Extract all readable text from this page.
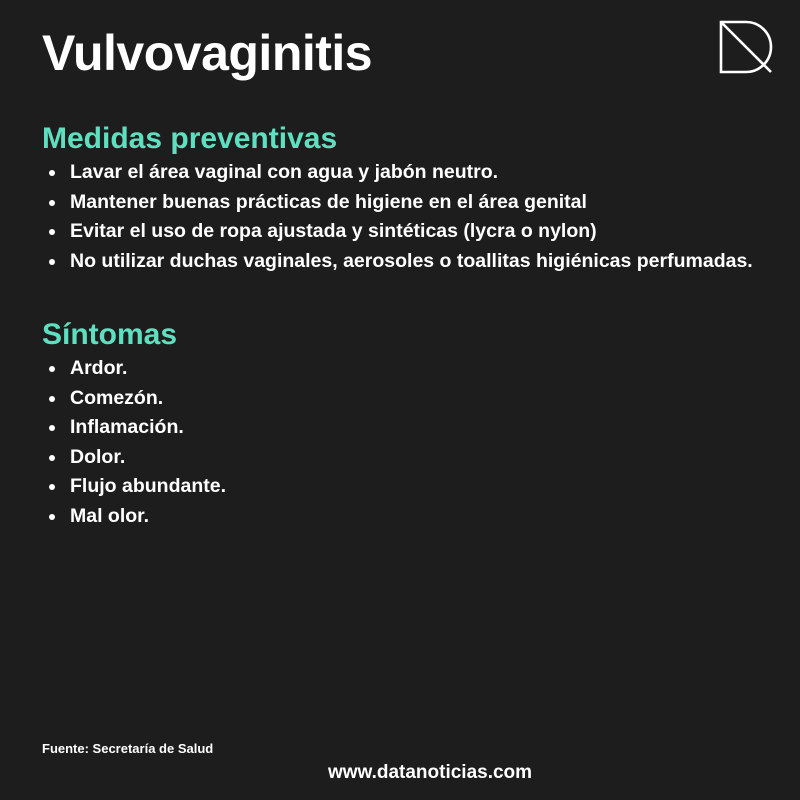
Vulvovaginitis
Medidas preventivas
Lavar el área vaginal con agua y jabón neutro.
Mantener buenas prácticas de higiene en el área genital
Evitar el uso de ropa ajustada y sintéticas (lycra o nylon)
No utilizar duchas vaginales, aerosoles o toallitas higiénicas perfumadas.
Síntomas
Ardor.
Comezón.
Inflamación.
Dolor.
Flujo abundante.
Mal olor.
Fuente: Secretaría de Salud
www.datanoticias.com
